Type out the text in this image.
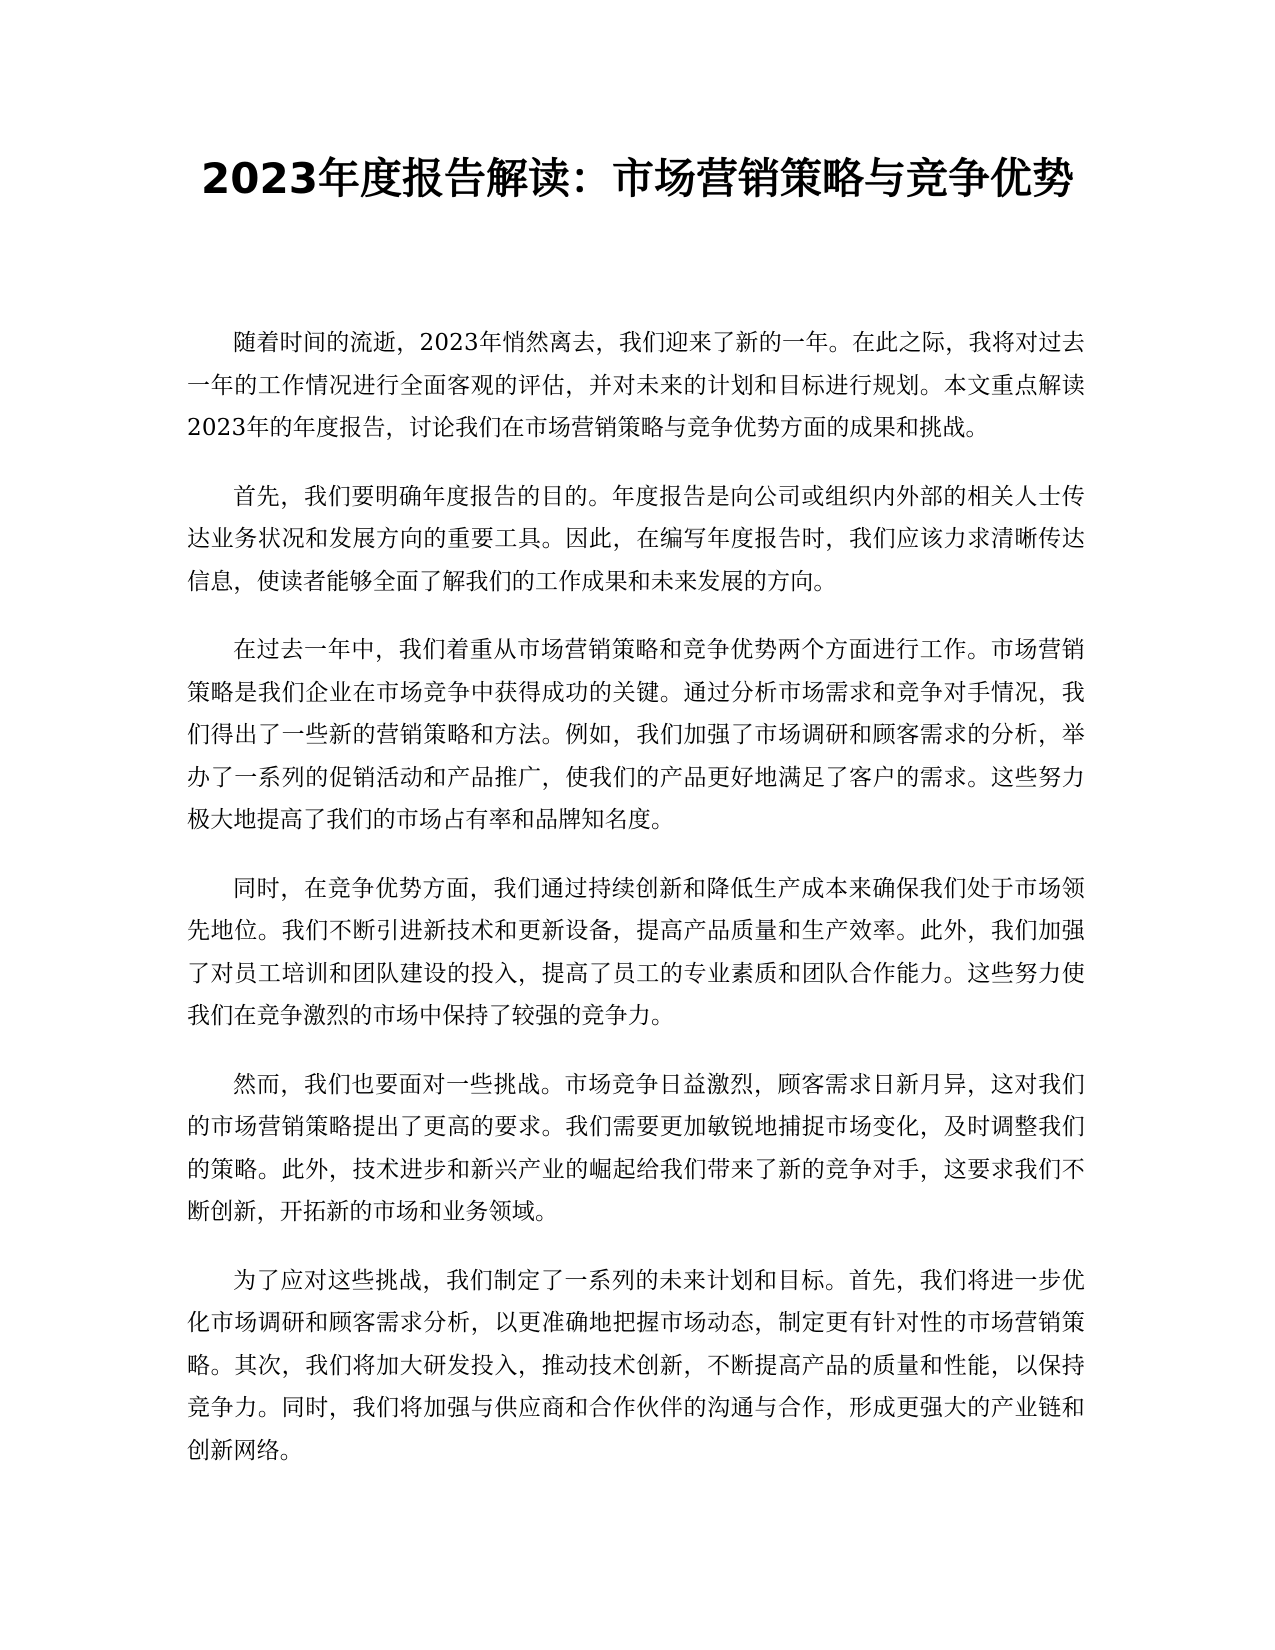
2023年度报告解读：市场营销策略与竞争优势

随着时间的流逝，2023年悄然离去，我们迎来了新的一年。在此之际，我将对过去一年的工作情况进行全面客观的评估，并对未来的计划和目标进行规划。本文重点解读2023年的年度报告，讨论我们在市场营销策略与竞争优势方面的成果和挑战。

首先，我们要明确年度报告的目的。年度报告是向公司或组织内外部的相关人士传达业务状况和发展方向的重要工具。因此，在编写年度报告时，我们应该力求清晰传达信息，使读者能够全面了解我们的工作成果和未来发展的方向。

在过去一年中，我们着重从市场营销策略和竞争优势两个方面进行工作。市场营销策略是我们企业在市场竞争中获得成功的关键。通过分析市场需求和竞争对手情况，我们得出了一些新的营销策略和方法。例如，我们加强了市场调研和顾客需求的分析，举办了一系列的促销活动和产品推广，使我们的产品更好地满足了客户的需求。这些努力极大地提高了我们的市场占有率和品牌知名度。

同时，在竞争优势方面，我们通过持续创新和降低生产成本来确保我们处于市场领先地位。我们不断引进新技术和更新设备，提高产品质量和生产效率。此外，我们加强了对员工培训和团队建设的投入，提高了员工的专业素质和团队合作能力。这些努力使我们在竞争激烈的市场中保持了较强的竞争力。

然而，我们也要面对一些挑战。市场竞争日益激烈，顾客需求日新月异，这对我们的市场营销策略提出了更高的要求。我们需要更加敏锐地捕捉市场变化，及时调整我们的策略。此外，技术进步和新兴产业的崛起给我们带来了新的竞争对手，这要求我们不断创新，开拓新的市场和业务领域。

为了应对这些挑战，我们制定了一系列的未来计划和目标。首先，我们将进一步优化市场调研和顾客需求分析，以更准确地把握市场动态，制定更有针对性的市场营销策略。其次，我们将加大研发投入，推动技术创新，不断提高产品的质量和性能，以保持竞争力。同时，我们将加强与供应商和合作伙伴的沟通与合作，形成更强大的产业链和创新网络。
